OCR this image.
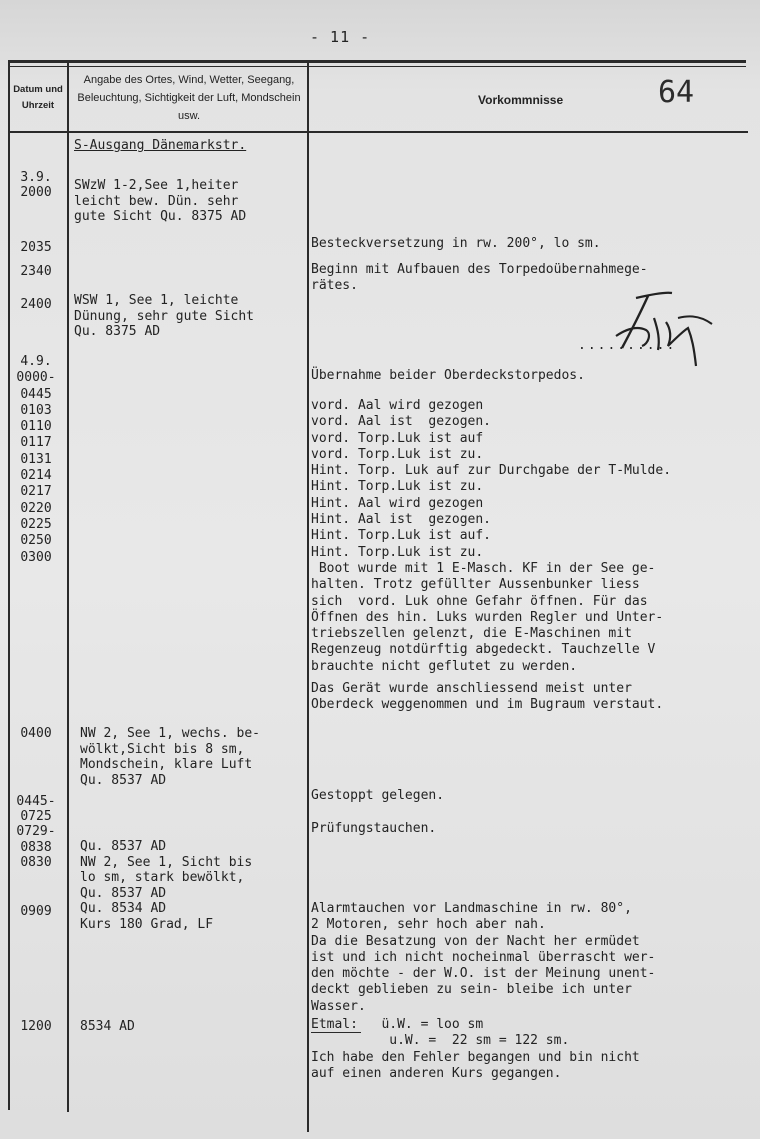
- 11 -
Datum und Uhrzeit
Angabe des Ortes, Wind, Wetter, Seegang, Beleuchtung, Sichtigkeit der Luft, Mondschein usw.
Vorkommnisse	64
S-Ausgang Dänemarkstr.
3.9.
2000
2035
2340
2400
4.9.
0000-
0445
0103
0110
0117
0131
0214
0217
0220
0225
0250
0300
0400
0445-
0725
0729-
0838
0830
0909
1200
SWzW 1-2,See 1,heiter
leicht bew. Dün. sehr
gute Sicht Qu. 8375 AD
WSW 1, See 1, leichte
Dünung, sehr gute Sicht
Qu. 8375 AD
NW 2, See 1, wechs. be-
wölkt,Sicht bis 8 sm,
Mondschein, klare Luft
Qu. 8537 AD
Qu. 8537 AD
NW 2, See 1, Sicht bis
lo sm, stark bewölkt,
Qu. 8537 AD
Qu. 8534 AD
Kurs 180 Grad, LF
8534 AD
Besteckversetzung in rw. 200°, lo sm.
Beginn mit Aufbauen des Torpedoübernahmege-
rätes.
Übernahme beider Oberdeckstorpedos.
vord. Aal wird gezogen
vord. Aal ist  gezogen.
vord. Torp.Luk ist auf
vord. Torp.Luk ist zu.
Hint. Torp. Luk auf zur Durchgabe der T-Mulde.
Hint. Torp.Luk ist zu.
Hint. Aal wird gezogen
Hint. Aal ist  gezogen.
Hint. Torp.Luk ist auf.
Hint. Torp.Luk ist zu.
Boot wurde mit 1 E-Masch. KF in der See ge-
halten. Trotz gefüllter Aussenbunker liess
sich  vord. Luk ohne Gefahr öffnen. Für das
Öffnen des hin. Luks wurden Regler und Unter-
triebszellen gelenzt, die E-Maschinen mit
Regenzeug notdürftig abgedeckt. Tauchzelle V
brauchte nicht geflutet zu werden.
Das Gerät wurde anschliessend meist unter
Oberdeck weggenommen und im Bugraum verstaut.
Gestoppt gelegen.
Prüfungstauchen.
Alarmtauchen vor Landmaschine in rw. 80°,
2 Motoren, sehr hoch aber nah.
Da die Besatzung von der Nacht her ermüdet
ist und ich nicht nocheinmal überrascht wer-
den möchte - der W.O. ist der Meinung unent-
deckt geblieben zu sein- bleibe ich unter
Wasser.
Etmal:   ü.W. = loo sm
u.W. =  22 sm = 122 sm.
Ich habe den Fehler begangen und bin nicht
auf einen anderen Kurs gegangen.
..........
